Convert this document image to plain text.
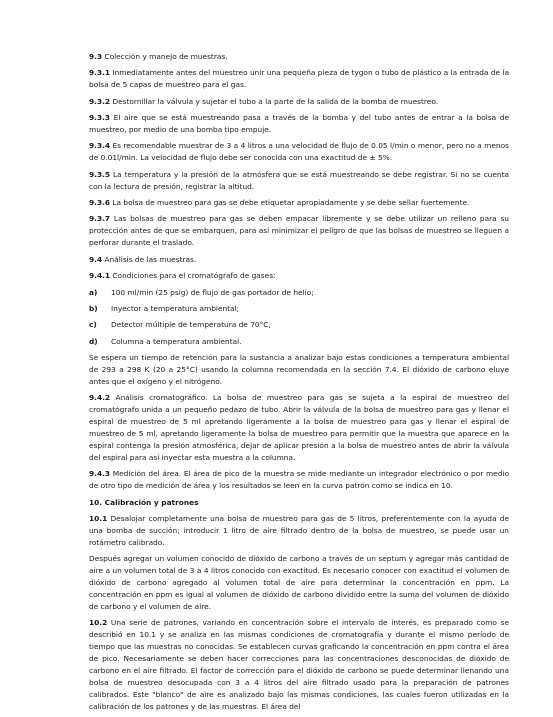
9.3 Colección y manejo de muestras.

9.3.1 Inmediatamente antes del muestreo unir una pequeña pieza de tygon o tubo de plástico a la entrada de la bolsa de 5 capas de muestreo para el gas.

9.3.2 Destornillar la válvula y sujetar el tubo a la parte de la salida de la bomba de muestreo.

9.3.3 El aire que se está muestreando pasa a través de la bomba y del tubo antes de entrar a la bolsa de muestreo, por medio de una bomba tipo empuje.

9.3.4 Es recomendable muestrar de 3 a 4 litros a una velocidad de flujo de 0.05 l/min o menor, pero no a menos de 0.01l/min. La velocidad de flujo debe ser conocida con una exactitud de ± 5%.

9.3.5 La temperatura y la presión de la atmósfera que se está muestreando se debe registrar. Si no se cuenta con la lectura de presión, registrar la altitud.

9.3.6 La bolsa de muestreo para gas se debe etiquetar apropiadamente y se debe sellar fuertemente.

9.3.7 Las bolsas de muestreo para gas se deben empacar libremente y se debe utilizar un relleno para su protección antes de que se embarquen, para así minimizar el peligro de que las bolsas de muestreo se lleguen a perforar durante el traslado.

9.4 Análisis de las muestras.

9.4.1 Condiciones para el cromatógrafo de gases:

a)	100 ml/min (25 psig) de flujo de gas portador de helio;
b)	Inyector a temperatura ambiental;
c)	Detector múltiple de temperatura de 70°C;
d)	Columna a temperatura ambiental.

Se espera un tiempo de retención para la sustancia a analizar bajo estas condiciones a temperatura ambiental de 293 a 298 K (20 a 25°C) usando la columna recomendada en la sección 7.4. El dióxido de carbono eluye antes que el oxígeno y el nitrógeno.

9.4.2 Análisis cromatográfico. La bolsa de muestreo para gas se sujeta a la espiral de muestreo del cromatógrafo unida a un pequeño pedazo de tubo. Abrir la válvula de la bolsa de muestreo para gas y llenar el espiral de muestreo de 5 ml apretando ligeramente a la bolsa de muestreo para gas y llenar el espiral de muestreo de 5 ml, apretando ligeramente la bolsa de muestreo para permitir que la muestra que aparece en la espiral contenga la presión atmosférica, dejar de aplicar presión a la bolsa de muestreo antes de abrir la válvula del espiral para así inyectar esta muestra a la columna.

9.4.3 Medición del área. El área de pico de la muestra se mide mediante un integrador electrónico o por medio de otro tipo de medición de área y los resultados se leen en la curva patrón como se indica en 10.

10. Calibración y patrones

10.1 Desalojar completamente una bolsa de muestreo para gas de 5 litros, preferentemente con la ayuda de una bomba de succión; introducir 1 litro de aire filtrado dentro de la bolsa de muestreo, se puede usar un rotámetro calibrado.

Después agregar un volumen conocido de dióxido de carbono a través de un septum y agregar más cantidad de aire a un volumen total de 3 a 4 litros conocido con exactitud. Es necesario conocer con exactitud el volumen de dióxido de carbono agregado al volumen total de aire para determinar la concentración en ppm. La concentración en ppm es igual al volumen de dióxido de carbono dividido entre la suma del volumen de dióxido de carbono y el volumen de aire.

10.2 Una serie de patrones, variando en concentración sobre el intervalo de interés, es preparado como se describió en 10.1 y se analiza en las mismas condiciones de cromatografía y durante el mismo período de tiempo que las muestras no conocidas. Se establecen curvas graficando la concentración en ppm contra el área de pico. Necesariamente se deben hacer correcciones para las concentraciones desconocidas de dióxido de carbono en el aire filtrado. El factor de corrección para el dióxido de carbono se puede determinar llenando una bolsa de muestreo desocupada con 3 a 4 litros del aire filtrado usado para la preparación de patrones calibrados. Este "blanco" de aire es analizado bajo las mismas condiciones, las cuales fueron utilizadas en la calibración de los patrones y de las muestras. El área del
